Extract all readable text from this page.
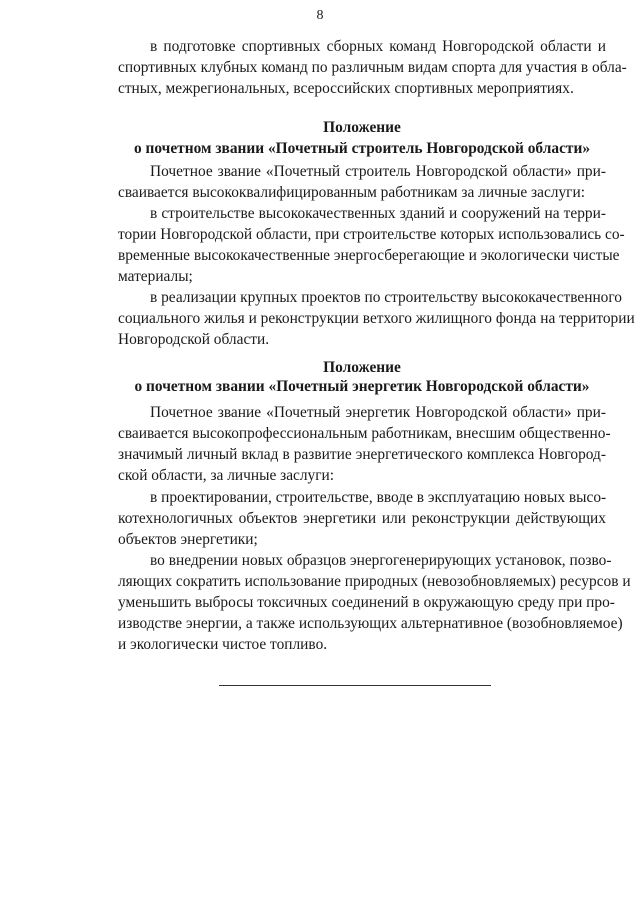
8
в подготовке спортивных сборных команд Новгородской области и
спортивных клубных команд по различным видам спорта для участия в обла-
стных, межрегиональных, всероссийских спортивных мероприятиях.
Положение
о почетном звании «Почетный строитель Новгородской области»
Почетное звание «Почетный строитель Новгородской области» при-
сваивается высококвалифицированным работникам за личные заслуги:
в строительстве высококачественных зданий и сооружений на терри-
тории Новгородской области, при строительстве которых использовались со-
временные высококачественные энергосберегающие и экологически чистые
материалы;
в реализации крупных проектов по строительству высококачественного
социального жилья и реконструкции ветхого жилищного фонда на территории
Новгородской области.
Положение
о почетном звании «Почетный энергетик Новгородской области»
Почетное звание «Почетный энергетик Новгородской области» при-
сваивается высокопрофессиональным работникам, внесшим общественно-
значимый личный вклад в развитие энергетического комплекса Новгород-
ской области, за личные заслуги:
в проектировании, строительстве, вводе в эксплуатацию новых высо-
котехнологичных объектов энергетики или реконструкции действующих
объектов энергетики;
во внедрении новых образцов энергогенерирующих установок, позво-
ляющих сократить использование природных (невозобновляемых) ресурсов и
уменьшить выбросы токсичных соединений в окружающую среду при про-
изводстве энергии, а также использующих альтернативное (возобновляемое)
и экологически чистое топливо.
